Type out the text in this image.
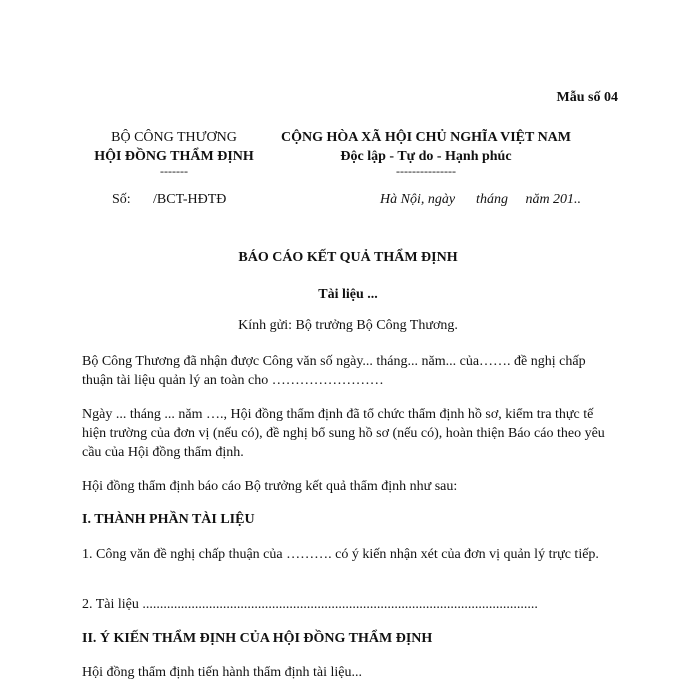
Mẫu số 04
BỘ CÔNG THƯƠNG
HỘI ĐỒNG THẨM ĐỊNH
-------
Số: /BCT-HĐTĐ
CỘNG HÒA XÃ HỘI CHỦ NGHĨA VIỆT NAM
Độc lập - Tự do - Hạnh phúc
---------------
Hà Nội, ngày      tháng     năm 201..
BÁO CÁO KẾT QUẢ THẨM ĐỊNH
Tài liệu ...
Kính gửi: Bộ trưởng Bộ Công Thương.
Bộ Công Thương đã nhận được Công văn số ngày... tháng... năm... của……. đề nghị chấp thuận tài liệu quản lý an toàn cho ……………………
Ngày ... tháng ... năm …., Hội đồng thẩm định đã tổ chức thẩm định hồ sơ, kiểm tra thực tế hiện trường của đơn vị (nếu có), đề nghị bổ sung hồ sơ (nếu có), hoàn thiện Báo cáo theo yêu cầu của Hội đồng thẩm định.
Hội đồng thẩm định báo cáo Bộ trưởng kết quả thẩm định như sau:
I. THÀNH PHẦN TÀI LIỆU
1. Công văn đề nghị chấp thuận của ………. có ý kiến nhận xét của đơn vị quản lý trực tiếp.
2. Tài liệu .................................................................................................................
II. Ý KIẾN THẨM ĐỊNH CỦA HỘI ĐỒNG THẨM ĐỊNH
Hội đồng thẩm định tiến hành thẩm định tài liệu...
